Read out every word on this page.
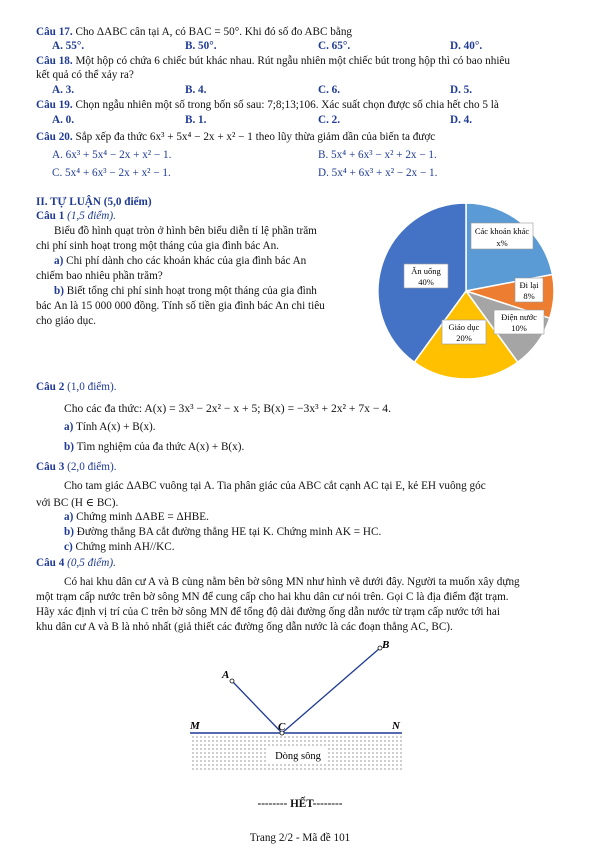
Câu 17. Cho ΔABC cân tại A, có BAC = 50°. Khi đó số đo ABC bằng
A. 55°.	B. 50°.	C. 65°.	D. 40°.
Câu 18. Một hộp có chứa 6 chiếc bút khác nhau. Rút ngẫu nhiên một chiếc bút trong hộp thì có bao nhiêu
kết quả có thể xảy ra?
A. 3.	B. 4.	C. 6.	D. 5.
Câu 19. Chọn ngẫu nhiên một số trong bốn số sau: 7;8;13;106. Xác suất chọn được số chia hết cho 5 là
A. 0.	B. 1.	C. 2.	D. 4.
Câu 20. Sắp xếp đa thức 6x³ + 5x⁴ − 2x + x² − 1 theo lũy thừa giảm dần của biến ta được
A. 6x³ + 5x⁴ − 2x + x² − 1.	B. 5x⁴ + 6x³ − x² + 2x − 1.
C. 5x⁴ + 6x³ − 2x + x² − 1.	D. 5x⁴ + 6x³ + x² − 2x − 1.
II. TỰ LUẬN (5,0 điểm)
Câu 1 (1,5 điểm).
Biểu đồ hình quạt tròn ở hình bên biểu diễn tỉ lệ phần trăm
chi phí sinh hoạt trong một tháng của gia đình bác An.
a) Chi phí dành cho các khoản khác của gia đình bác An
chiếm bao nhiêu phần trăm?
b) Biết tổng chi phí sinh hoạt trong một tháng của gia đình
bác An là 15 000 000 đồng. Tính số tiền gia đình bác An chi tiêu
cho giáo dục.
Các khoản khác
x%
Đi lại
8%
Điện nước
10%
Giáo dục
20%
Ăn uống
40%
Câu 2 (1,0 điểm).
Cho các đa thức: A(x) = 3x³ − 2x² − x + 5; B(x) = −3x³ + 2x² + 7x − 4.
a) Tính A(x) + B(x).
b) Tìm nghiệm của đa thức A(x) + B(x).
Câu 3 (2,0 điểm).
Cho tam giác ΔABC vuông tại A. Tia phân giác của ABC cắt cạnh AC tại E, kẻ EH vuông góc
với BC (H ∈ BC).
a) Chứng minh ΔABE = ΔHBE.
b) Đường thẳng BA cắt đường thẳng HE tại K. Chứng minh AK = HC.
c) Chứng minh AH//KC.
Câu 4 (0,5 điểm).
Có hai khu dân cư A và B cùng nằm bên bờ sông MN như hình vẽ dưới đây. Người ta muốn xây dựng
một trạm cấp nước trên bờ sông MN để cung cấp cho hai khu dân cư nói trên. Gọi C là địa điểm đặt trạm.
Hãy xác định vị trí của C trên bờ sông MN để tổng độ dài đường ống dẫn nước từ trạm cấp nước tới hai
khu dân cư A và B là nhỏ nhất (giả thiết các đường ống dẫn nước là các đoạn thẳng AC, BC).
A
B
C
M	N
Dòng sông
-------- HẾT--------
Trang 2/2 - Mã đề 101
